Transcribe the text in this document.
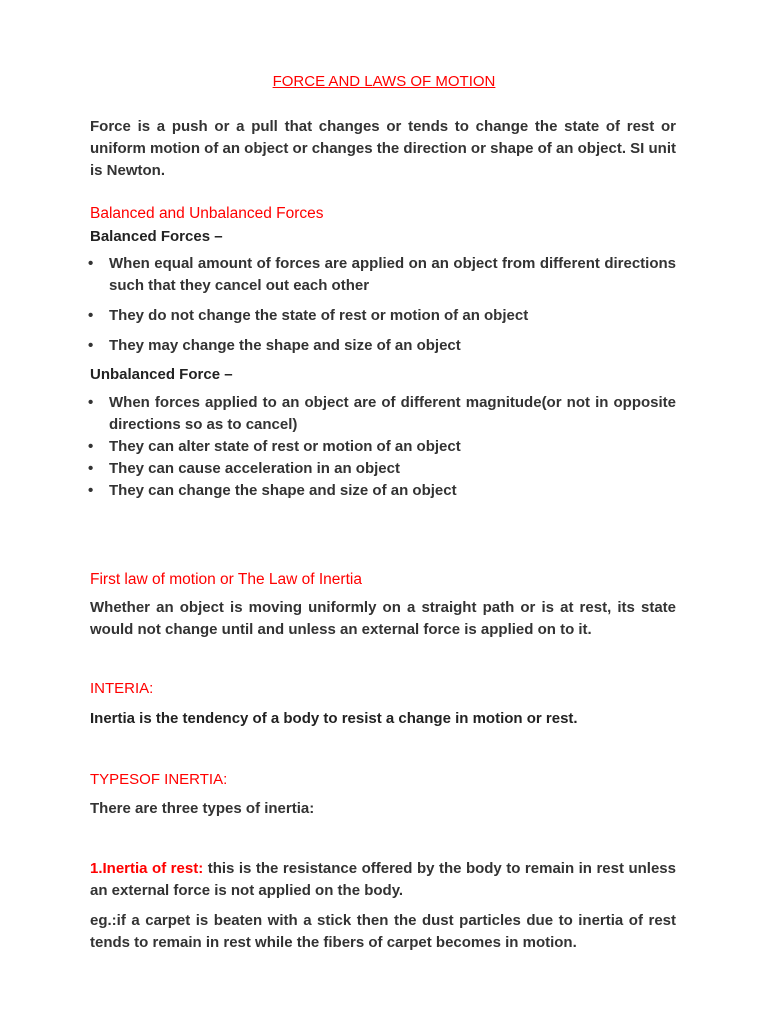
FORCE AND LAWS OF MOTION
Force is a push or a pull that changes or tends to change the state of rest or uniform motion of an object or changes the direction or shape of an object. SI unit is Newton.
Balanced and Unbalanced Forces
Balanced Forces –
• When equal amount of forces are applied on an object from different directions such that they cancel out each other
• They do not change the state of rest or motion of an object
• They may change the shape and size of an object
Unbalanced Force –
• When forces applied to an object are of different magnitude(or not in opposite directions so as to cancel)
• They can alter state of rest or motion of an object
• They can cause acceleration in an object
• They can change the shape and size of an object
First law of motion or The Law of Inertia
Whether an object is moving uniformly on a straight path or is at rest, its state would not change until and unless an external force is applied on to it.
INTERIA:
Inertia is the tendency of a body to resist a change in motion or rest.
TYPESOF INERTIA:
There are three types of inertia:
1.Inertia of rest: this is the resistance offered by the body to remain in rest unless an external force is not applied on the body.
eg.:if a carpet is beaten with a stick then the dust particles due to inertia of rest tends to remain in rest while the fibers of carpet becomes in motion.
